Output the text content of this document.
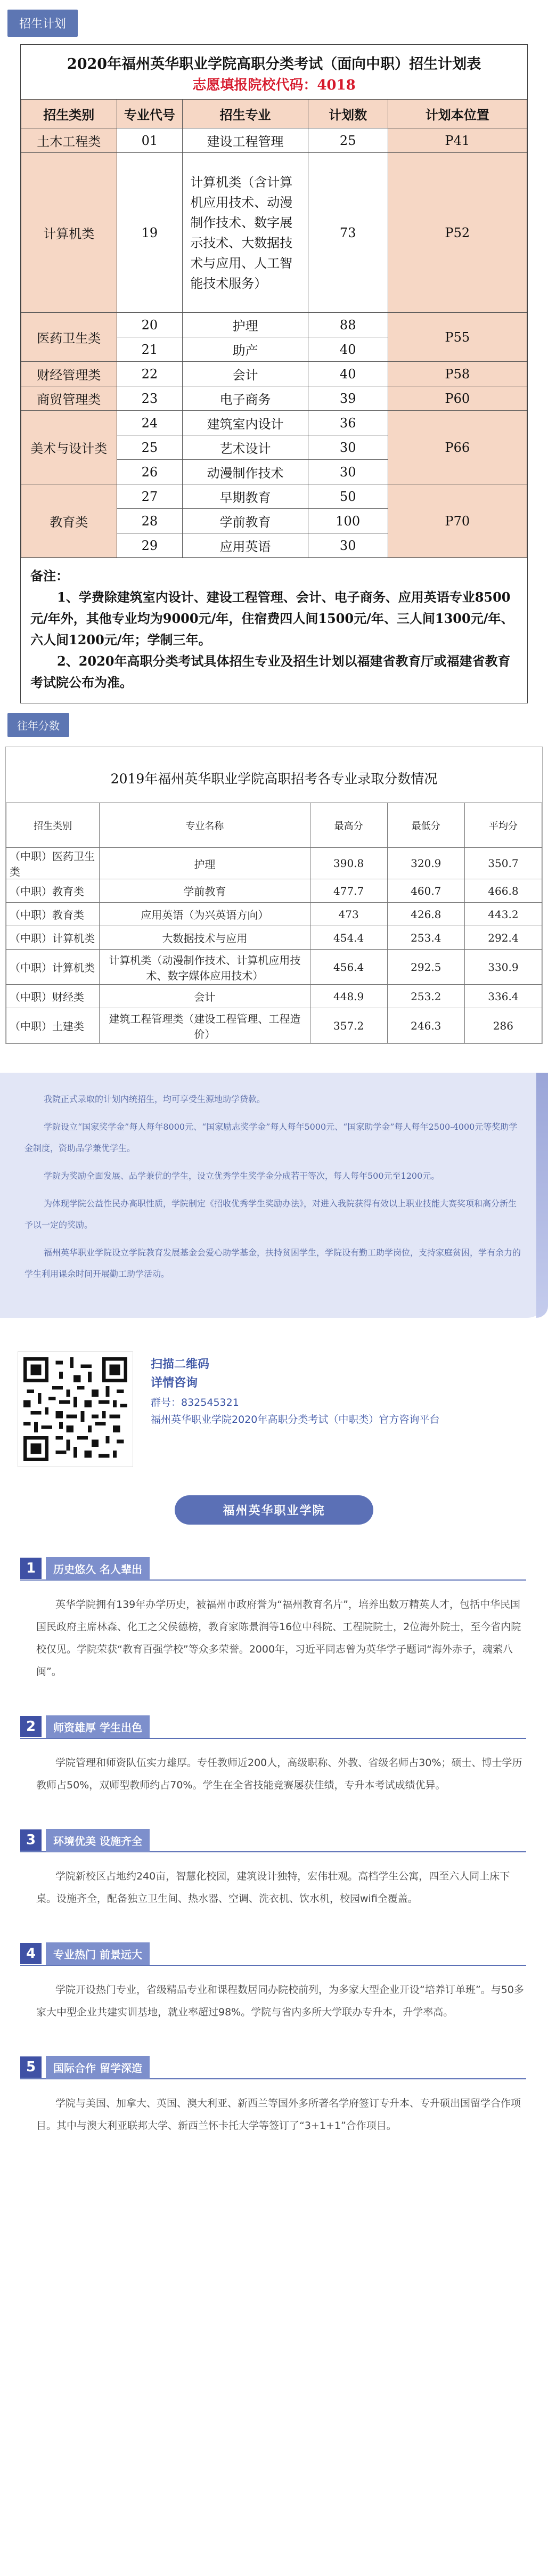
招生计划
2020年福州英华职业学院高职分类考试（面向中职）招生计划表
志愿填报院校代码：4018
招生类别	专业代号	招生专业	计划数	计划本位置
土木工程类	01	建设工程管理	25	P41
计算机类	19	计算机类（含计算机应用技术、动漫制作技术、数字展示技术、大数据技术与应用、人工智能技术服务）	73	P52
医药卫生类	20	护理	88	P55
	21	助产	40	
财经管理类	22	会计	40	P58
商贸管理类	23	电子商务	39	P60
美术与设计类	24	建筑室内设计	36	P66
	25	艺术设计	30	
	26	动漫制作技术	30	
教育类	27	早期教育	50	P70
	28	学前教育	100	
	29	应用英语	30	
备注：

1、学费除建筑室内设计、建设工程管理、会计、电子商务、应用英语专业8500元/年外，其他专业均为9000元/年，住宿费四人间1500元/年、三人间1300元/年、六人间1200元/年；学制三年。

2、2020年高职分类考试具体招生专业及招生计划以福建省教育厅或福建省教育考试院公布为准。

往年分数
2019年福州英华职业学院高职招考各专业录取分数情况
招生类别	专业名称	最高分	最低分	平均分
（中职）医药卫生类	护理	390.8	320.9	350.7
（中职）教育类	学前教育	477.7	460.7	466.8
（中职）教育类	应用英语（为兴英语方向）	473	426.8	443.2
（中职）计算机类	大数据技术与应用	454.4	253.4	292.4
（中职）计算机类	计算机类（动漫制作技术、计算机应用技术、数字媒体应用技术）	456.4	292.5	330.9
（中职）财经类	会计	448.9	253.2	336.4
（中职）土建类	建筑工程管理类（建设工程管理、工程造价）	357.2	246.3	286

我院正式录取的计划内统招生，均可享受生源地助学贷款。

学院设立“国家奖学金”每人每年8000元、“国家励志奖学金”每人每年5000元、“国家助学金”每人每年2500-4000元等奖助学金制度，资助品学兼优学生。

学院为奖励全面发展、品学兼优的学生，设立优秀学生奖学金分成若干等次，每人每年500元至1200元。

为体现学院公益性民办高职性质，学院制定《招收优秀学生奖励办法》，对进入我院获得有效以上职业技能大赛奖项和高分新生予以一定的奖励。

福州英华职业学院设立学院教育发展基金会爱心助学基金，扶持贫困学生，学院设有勤工助学岗位，支持家庭贫困，学有余力的学生利用课余时间开展勤工助学活动。

扫描二维码
详情咨询
群号：832545321
福州英华职业学院2020年高职分类考试（中职类）官方咨询平台
福州英华职业学院
1	历史悠久 名人辈出

英华学院拥有139年办学历史，被福州市政府誉为“福州教育名片”，培养出数万精英人才，包括中华民国国民政府主席林森、化工之父侯德榜，教育家陈景润等16位中科院、工程院院士，2位海外院士，至今省内院校仅见。学院荣获“教育百强学校”等众多荣誉。2000年，习近平同志曾为英华学子题词“海外赤子，魂萦八闽”。

2	师资雄厚 学生出色

学院管理和师资队伍实力雄厚。专任教师近200人，高级职称、外教、省级名师占30%；硕士、博士学历教师占50%，双师型教师约占70%。学生在全省技能竞赛屡获佳绩，专升本考试成绩优异。

3	环境优美 设施齐全

学院新校区占地约240亩，智慧化校园，建筑设计独特，宏伟壮观。高档学生公寓，四至六人同上床下桌。设施齐全，配备独立卫生间、热水器、空调、洗衣机、饮水机，校园wifi全覆盖。

4	专业热门 前景远大

学院开设热门专业，省级精品专业和课程数居同办院校前列，为多家大型企业开设“培养订单班”。与50多家大中型企业共建实训基地，就业率超过98%。学院与省内多所大学联办专升本，升学率高。

5	国际合作 留学深造

学院与美国、加拿大、英国、澳大利亚、新西兰等国外多所著名学府签订专升本、专升硕出国留学合作项目。其中与澳大利亚联邦大学、新西兰怀卡托大学等签订了“3+1+1”合作项目。
